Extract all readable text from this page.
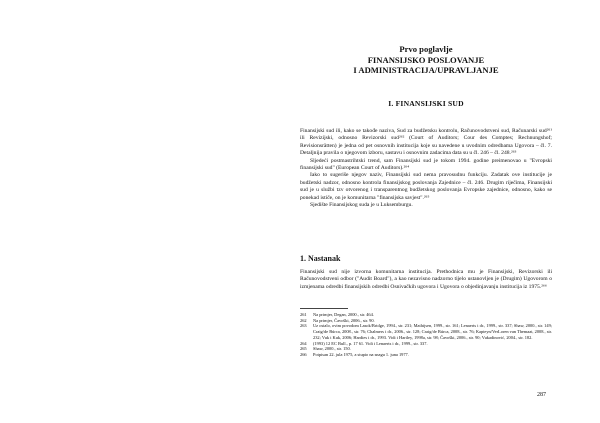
Prvo poglavlje
FINANSIJSKO POSLOVANJE
I ADMINISTRACIJA/UPRAVLJANJE
I. FINANSIJSKI SUD

Finansijski sud ili, kako se takođe naziva, Sud za budžetsku kontrolu, Računovodstveni sud, Računarski sud²⁶¹ ili Revizijski, odnosno Revizorski sud²⁶² (Court of Auditors; Cour des Comptes; Rechnungshof; Revisionsrätten) je jedna od pet osnovnih institucija koje su navedene u uvodnim odredbama Ugovora – čl. 7. Detaljnija pravila o njegovom izboru, sastavu i osnovnim zadacima data su u čl. 246 – čl. 248.²⁶³

Sljedeći postmastrihtski trend, sam Finansijski sud je tokom 1994. godine preimenovao u "Evropski finansijski sud" (European Court of Auditors).²⁶⁴

Iako to sugeriše njegov naziv, Finansijski sud nema pravosudnu funkciju. Zadatak ove institucije je budžetski nadzor, odnosno kontrola finansijskog poslovanja Zajednice – čl. 246. Drugim riječima, Finansijski sud je u službi tzv otvorenog i transparentnog budžetskog poslovanja Evropske zajednice, odnosno, kako se ponekad ističe, on je komunitarna "finansijska savjest".²⁶⁵

Sjedište Finansijskog suda je u Luksemburgu.

1. Nastanak

Finansijski sud nije izvorna komunitarna institucija. Prethodnica mu je Finansijski, Revizorski ili Računovodstveni odbor ("Audit Board"), a kao nezavisno nadzorno tijelo ustanovljen je (Drugim) Ugovorom o izmjenama odredbi finansijskih odredbi Osnivačkih ugovora i Ugovora o objedinjavanju institucija iz 1975.²⁶⁶

261	Na primjer, Degan, 2000., str. 464.
262	Na primjer, Čavoški, 2006., str. 90.
263	Uz ostalo, ovim povodom Lasok/Bridge, 1994., str. 231; Mathijsen, 1999., str. 161; Lenaerts i dr., 1999., str. 337; Shaw, 2000., str. 149; Craig/de Búrca, 2008., str. 76; Chalmers i dr., 2006., str. 128; Craig/de Búrca, 2008., str. 76; Kapteyn/VerLoren van Themaat, 2008., str. 232; Vuk i Kuk, 2006; Hardies i dr., 1993. Vidi i Hartley, 1998a, str. 98; Čavoški, 2006., str. 90; Vukadinović, 2004., str. 182.
264	(1993) 12 EC Bull., p. 17 61. Vidi i Lenaerts i dr., 1999., str. 337.
265	Shaw, 2000., str. 150.
266	Potpisan 22. jula 1975, a stupio na snagu 1. juna 1977.
287
